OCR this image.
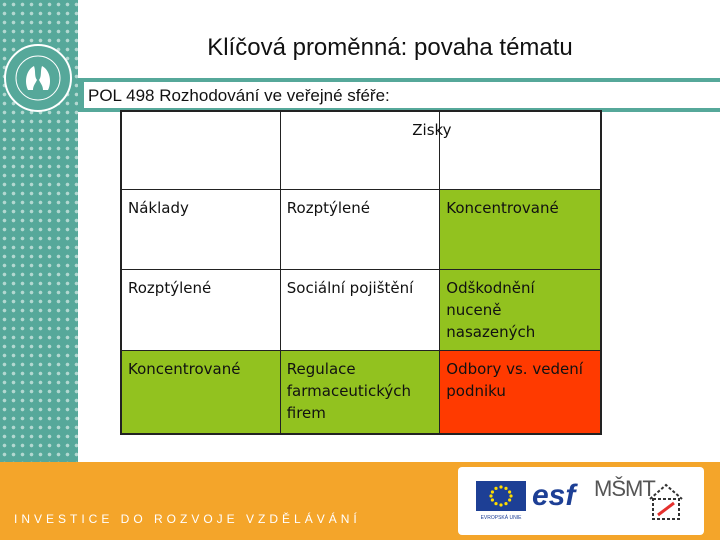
Klíčová proměnná: povaha tématu
POL 498 Rozhodování ve veřejné sféře:
		Zisky
Náklady	Rozptýlené	Koncentrované
Rozptýlené	Sociální pojištění	Odškodnění nuceně nasazených
Koncentrované	Regulace farmaceutických firem	Odbory vs. vedení podniku
INVESTICE DO ROZVOJE VZDĚLÁVÁNÍ	EVROPSKÁ UNIE
esf MŠMT
